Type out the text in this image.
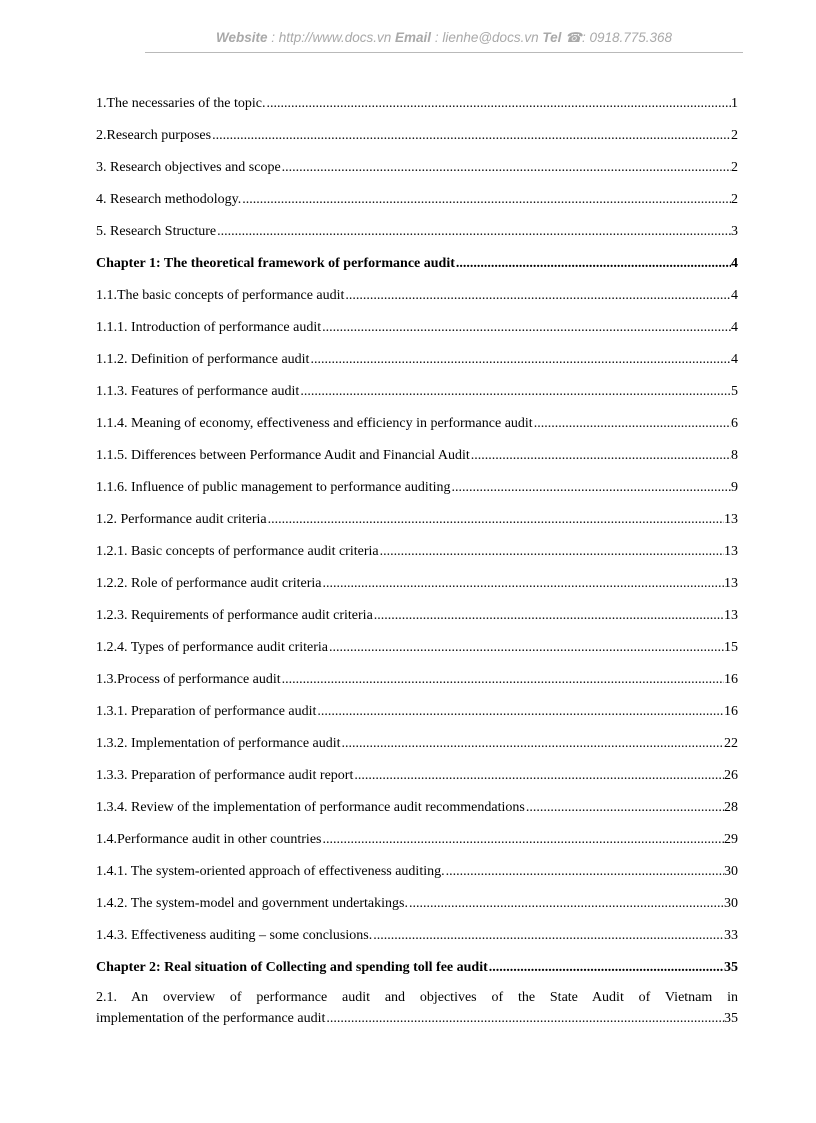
Website : http://www.docs.vn Email : lienhe@docs.vn Tel ☎: 0918.775.368
1.The necessaries of the topic. .....	1
2.Research purposes .....	2
3. Research objectives and scope .....	2
4. Research methodology. .....	2
5. Research Structure .....	3
Chapter 1: The theoretical framework of performance audit .....	4
1.1.The basic concepts of performance audit .....	4
1.1.1. Introduction of performance audit .....	4
1.1.2. Definition of performance audit .....	4
1.1.3. Features of performance audit .....	5
1.1.4. Meaning of economy, effectiveness and efficiency in performance audit .....	6
1.1.5. Differences between Performance Audit and Financial Audit .....	8
1.1.6. Influence of public management to performance auditing .....	9
1.2. Performance audit criteria .....	13
1.2.1. Basic concepts of performance audit criteria .....	13
1.2.2. Role of performance audit criteria .....	13
1.2.3. Requirements of performance audit criteria .....	13
1.2.4. Types of performance audit criteria .....	15
1.3.Process of performance audit .....	16
1.3.1. Preparation of performance audit .....	16
1.3.2. Implementation of performance audit .....	22
1.3.3. Preparation of performance audit report .....	26
1.3.4. Review of the implementation of performance audit recommendations .....	28
1.4.Performance audit in other countries .....	29
1.4.1. The system-oriented approach of effectiveness auditing. .....	30
1.4.2. The system-model and government undertakings. .....	30
1.4.3. Effectiveness auditing – some conclusions. .....	33
Chapter 2: Real situation of Collecting and spending toll fee audit .....	35
2.1. An overview of performance audit and objectives of the State Audit of Vietnam in
implementation of the performance audit .....	35
